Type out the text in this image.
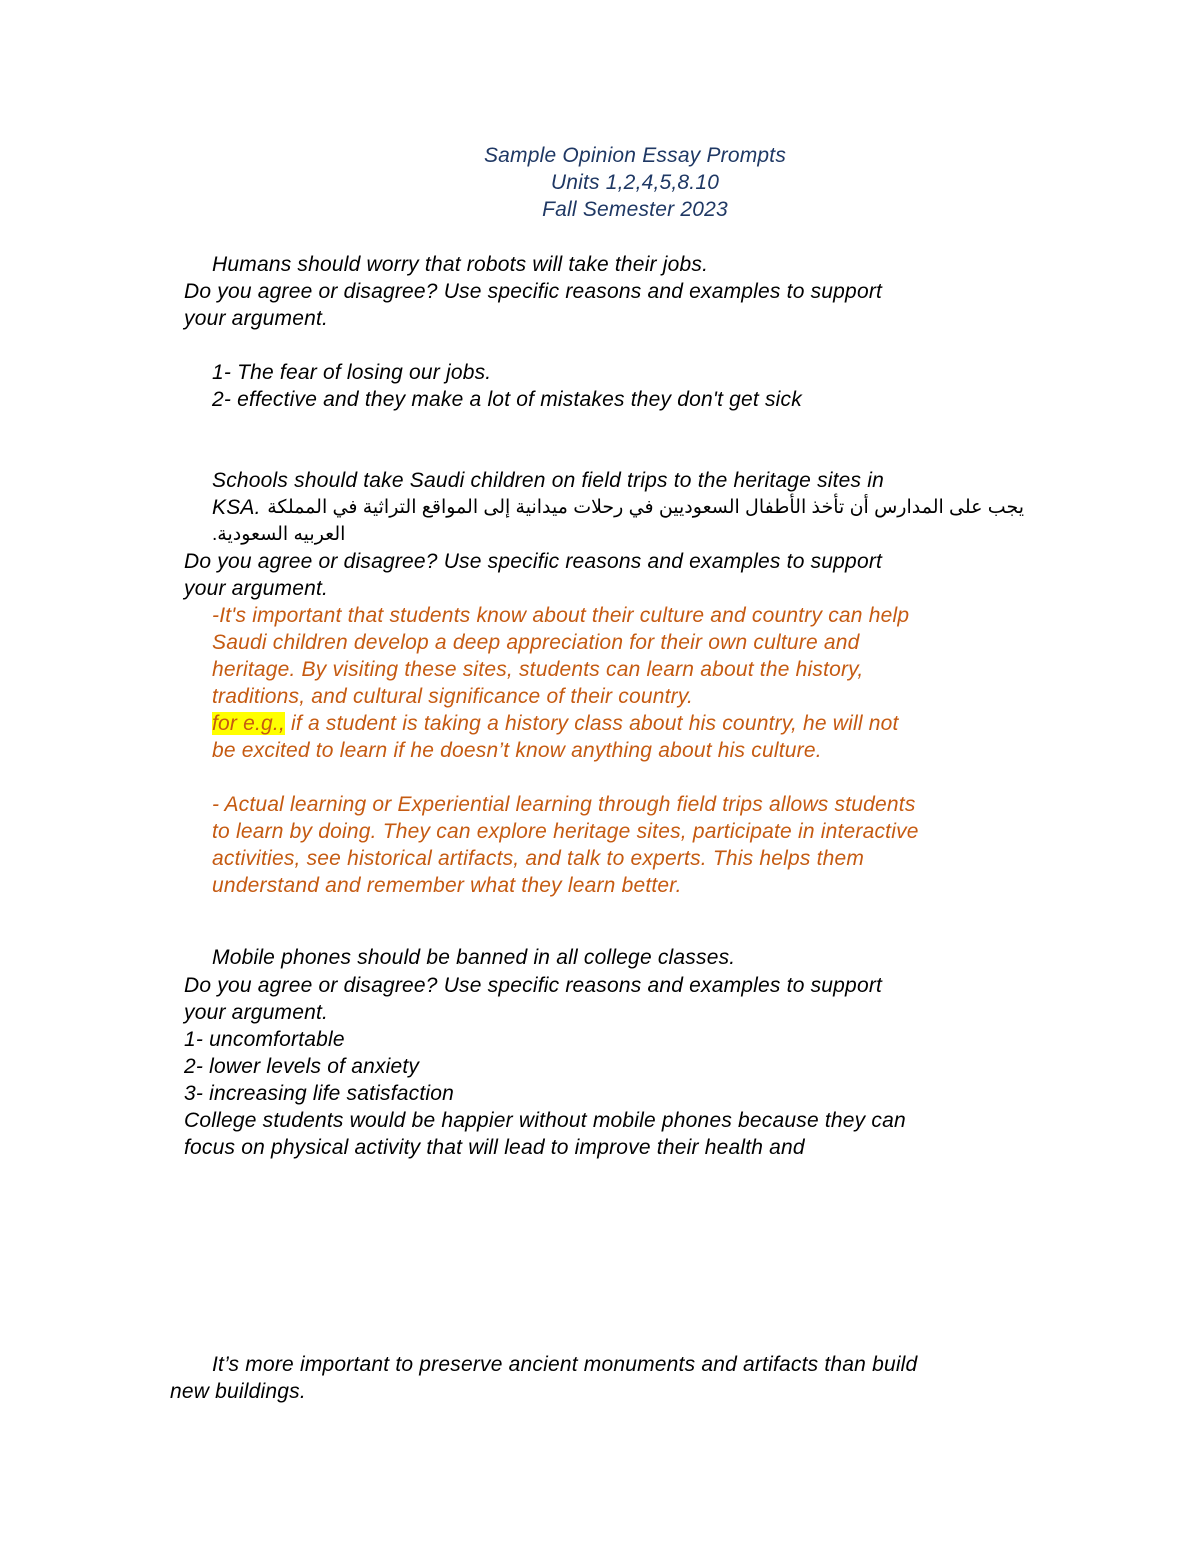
Sample Opinion Essay Prompts
Units 1,2,4,5,8.10
Fall Semester 2023
Humans should worry that robots will take their jobs.
Do you agree or disagree? Use specific reasons and examples to support
your argument.
1- The fear of losing our jobs.
2- effective and they make a lot of mistakes they don't get sick
Schools should take Saudi children on field trips to the heritage sites in
KSA. يجب على المدارس أن تأخذ الأطفال السعوديين في رحلات ميدانية إلى المواقع التراثية في المملكة
العربيه السعودية.
Do you agree or disagree? Use specific reasons and examples to support
your argument.
-It's important that students know about their culture and country can help
Saudi children develop a deep appreciation for their own culture and
heritage. By visiting these sites, students can learn about the history,
traditions, and cultural significance of their country.
for e.g., if a student is taking a history class about his country, he will not
be excited to learn if he doesn’t know anything about his culture.
- Actual learning or Experiential learning through field trips allows students
to learn by doing. They can explore heritage sites, participate in interactive
activities, see historical artifacts, and talk to experts. This helps them
understand and remember what they learn better.
Mobile phones should be banned in all college classes.
Do you agree or disagree? Use specific reasons and examples to support
your argument.
1- uncomfortable
2- lower levels of anxiety
3- increasing life satisfaction
College students would be happier without mobile phones because they can
focus on physical activity that will lead to improve their health and
It’s more important to preserve ancient monuments and artifacts than build
new buildings.
